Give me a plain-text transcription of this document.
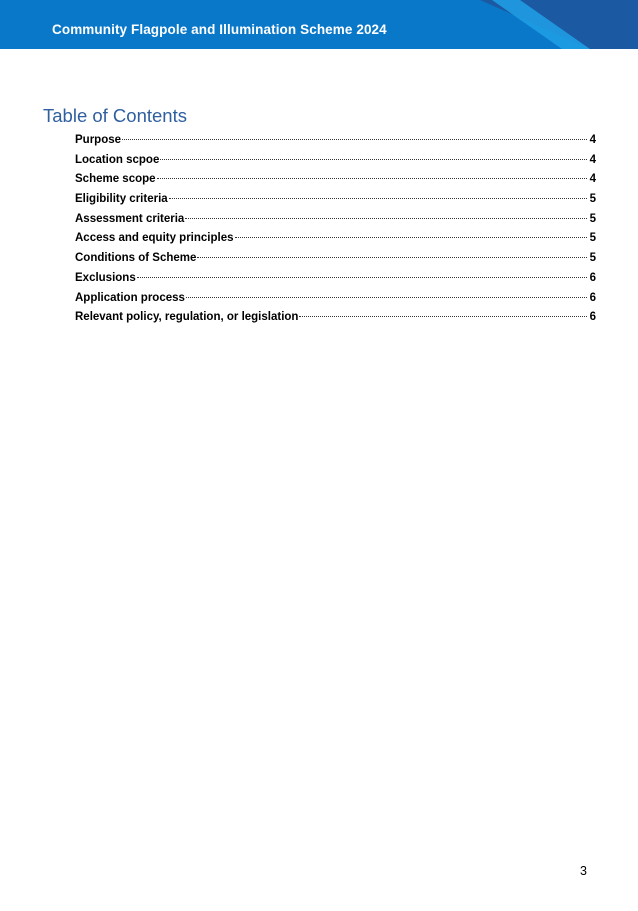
Community Flagpole and Illumination Scheme 2024
Table of Contents
Purpose	4
Location scpoe	4
Scheme scope	4
Eligibility criteria	5
Assessment criteria	5
Access and equity principles	5
Conditions of Scheme	5
Exclusions	6
Application process	6
Relevant policy, regulation, or legislation	6
3
